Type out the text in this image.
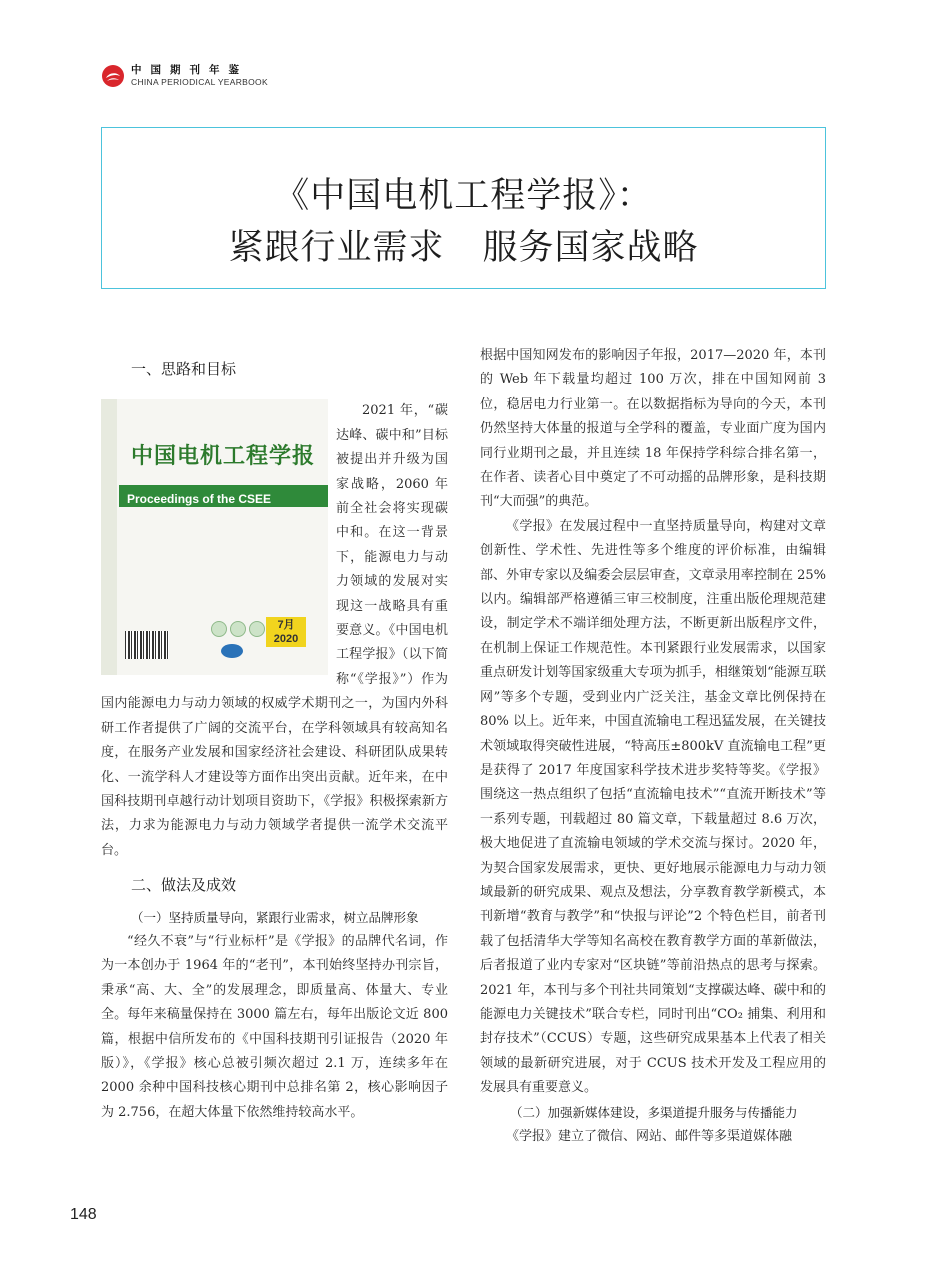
中国期刊年鉴
CHINA PERIODICAL YEARBOOK
《中国电机工程学报》：
紧跟行业需求 服务国家战略

一、思路和目标

中国电机工程学报
Proceedings of the CSEE
7月
2020

2021 年，“碳达峰、碳中和”目标被提出并升级为国家战略，2060 年前全社会将实现碳中和。在这一背景下，能源电力与动力领域的发展对实现这一战略具有重要意义。《中国电机工程学报》（以下简称“《学报》”）作为国内能源电力与动力领域的权威学术期刊之一，为国内外科研工作者提供了广阔的交流平台，在学科领域具有较高知名度，在服务产业发展和国家经济社会建设、科研团队成果转化、一流学科人才建设等方面作出突出贡献。近年来，在中国科技期刊卓越行动计划项目资助下，《学报》积极探索新方法，力求为能源电力与动力领域学者提供一流学术交流平台。

二、做法及成效

（一）坚持质量导向，紧跟行业需求，树立品牌形象

“经久不衰”与“行业标杆”是《学报》的品牌代名词，作为一本创办于 1964 年的“老刊”，本刊始终坚持办刊宗旨，秉承“高、大、全”的发展理念，即质量高、体量大、专业全。每年来稿量保持在 3000 篇左右，每年出版论文近 800 篇，根据中信所发布的《中国科技期刊引证报告（2020 年版）》，《学报》核心总被引频次超过 2.1 万，连续多年在 2000 余种中国科技核心期刊中总排名第 2，核心影响因子为 2.756，在超大体量下依然维持较高水平。

根据中国知网发布的影响因子年报，2017—2020 年，本刊的 Web 年下载量均超过 100 万次，排在中国知网前 3 位，稳居电力行业第一。在以数据指标为导向的今天，本刊仍然坚持大体量的报道与全学科的覆盖，专业面广度为国内同行业期刊之最，并且连续 18 年保持学科综合排名第一，在作者、读者心目中奠定了不可动摇的品牌形象，是科技期刊“大而强”的典范。

《学报》在发展过程中一直坚持质量导向，构建对文章创新性、学术性、先进性等多个维度的评价标准，由编辑部、外审专家以及编委会层层审查，文章录用率控制在 25% 以内。编辑部严格遵循三审三校制度，注重出版伦理规范建设，制定学术不端详细处理方法，不断更新出版程序文件，在机制上保证工作规范性。本刊紧跟行业发展需求，以国家重点研发计划等国家级重大专项为抓手，相继策划“能源互联网”等多个专题，受到业内广泛关注，基金文章比例保持在 80% 以上。近年来，中国直流输电工程迅猛发展，在关键技术领域取得突破性进展，“特高压±800kV 直流输电工程”更是获得了 2017 年度国家科学技术进步奖特等奖。《学报》围绕这一热点组织了包括“直流输电技术”“直流开断技术”等一系列专题，刊载超过 80 篇文章，下载量超过 8.6 万次，极大地促进了直流输电领域的学术交流与探讨。2020 年，为契合国家发展需求，更快、更好地展示能源电力与动力领域最新的研究成果、观点及想法，分享教育教学新模式，本刊新增“教育与教学”和“快报与评论”2 个特色栏目，前者刊载了包括清华大学等知名高校在教育教学方面的革新做法，后者报道了业内专家对“区块链”等前沿热点的思考与探索。2021 年，本刊与多个刊社共同策划“支撑碳达峰、碳中和的能源电力关键技术”联合专栏，同时刊出“CO₂ 捕集、利用和封存技术”（CCUS）专题，这些研究成果基本上代表了相关领域的最新研究进展，对于 CCUS 技术开发及工程应用的发展具有重要意义。

（二）加强新媒体建设，多渠道提升服务与传播能力

《学报》建立了微信、网站、邮件等多渠道媒体融

148
